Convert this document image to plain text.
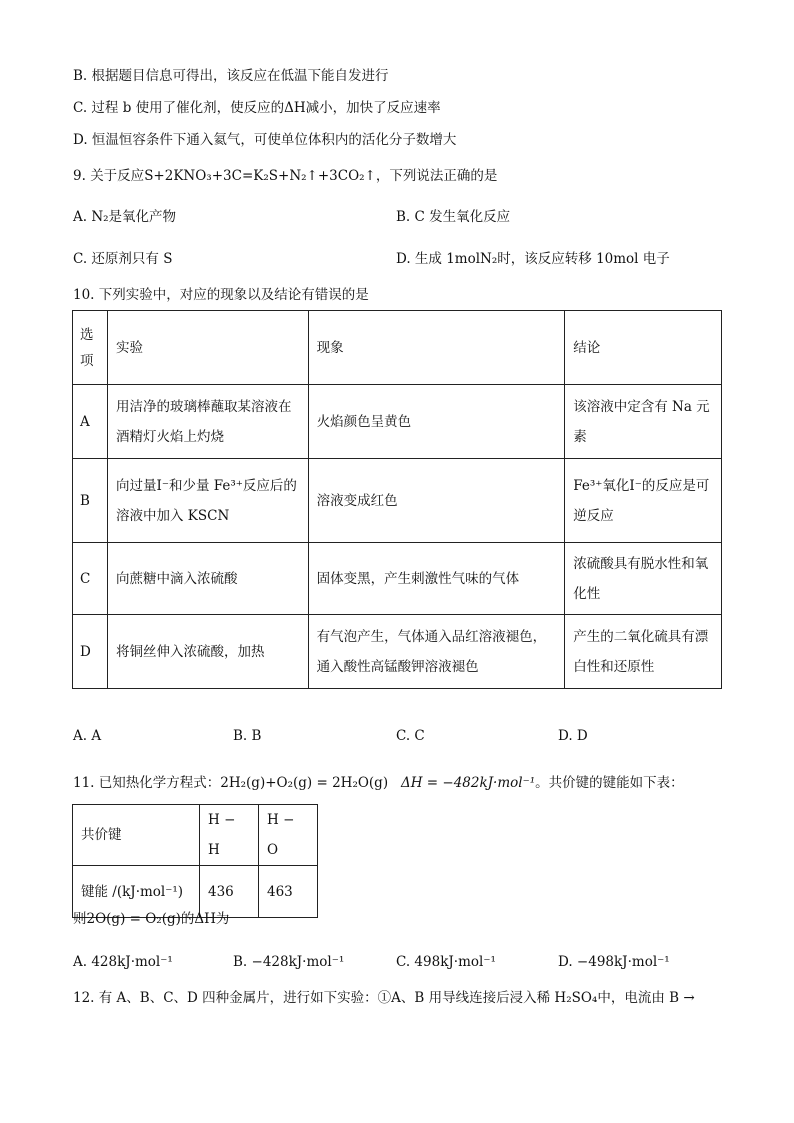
B. 根据题目信息可得出，该反应在低温下能自发进行
C. 过程 b 使用了催化剂，使反应的ΔH减小，加快了反应速率
D. 恒温恒容条件下通入氦气，可使单位体积内的活化分子数增大
9. 关于反应S+2KNO₃+3C=K₂S+N₂↑+3CO₂↑，下列说法正确的是
A. N₂是氧化产物	B. C 发生氧化反应
C. 还原剂只有 S	D. 生成 1molN₂时，该反应转移 10mol 电子
10. 下列实验中，对应的现象以及结论有错误的是
选项	实验	现象	结论
A	用洁净的玻璃棒蘸取某溶液在酒精灯火焰上灼烧	火焰颜色呈黄色	该溶液中定含有 Na 元素
B	向过量I⁻和少量 Fe³⁺反应后的溶液中加入 KSCN	溶液变成红色	Fe³⁺氧化I⁻的反应是可逆反应
C	向蔗糖中滴入浓硫酸	固体变黑，产生刺激性气味的气体	浓硫酸具有脱水性和氧化性
D	将铜丝伸入浓硫酸，加热	有气泡产生，气体通入品红溶液褪色，通入酸性高锰酸钾溶液褪色	产生的二氧化硫具有漂白性和还原性
A. A	B. B	C. C	D. D
11. 已知热化学方程式：2H₂(g)+O₂(g) = 2H₂O(g) ΔH = −482kJ·mol⁻¹。共价键的键能如下表：
共价键	H − H	H − O
键能 /(kJ·mol⁻¹)	436	463
则2O(g) = O₂(g)的ΔH为
A. 428kJ·mol⁻¹	B. −428kJ·mol⁻¹	C. 498kJ·mol⁻¹	D. −498kJ·mol⁻¹
12. 有 A、B、C、D 四种金属片，进行如下实验：①A、B 用导线连接后浸入稀 H₂SO₄中，电流由 B →
